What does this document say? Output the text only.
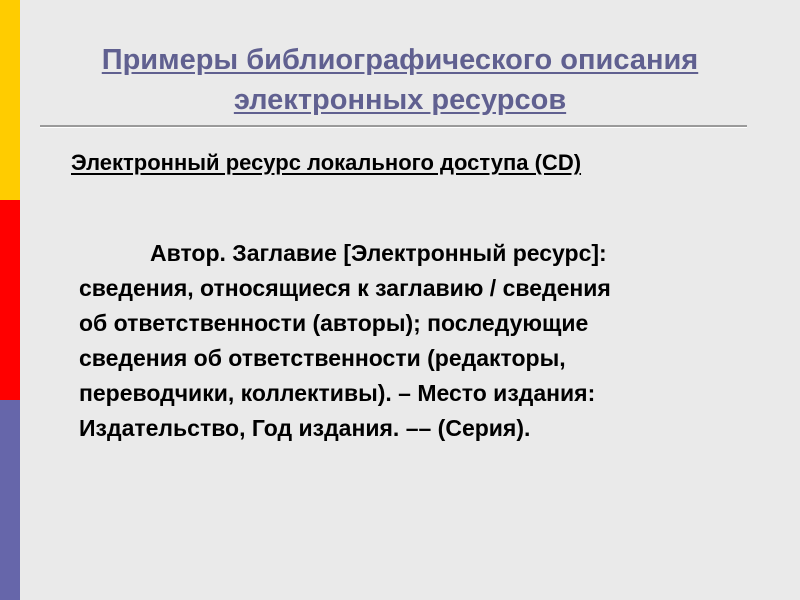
Примеры библиографического описания
электронных ресурсов

Электронный ресурс локального доступа (CD)

Автор. Заглавие [Электронный ресурс]:
сведения, относящиеся к заглавию / сведения
об ответственности (авторы); последующие
сведения об ответственности (редакторы,
переводчики, коллективы). – Место издания:
Издательство, Год издания. –– (Серия).
